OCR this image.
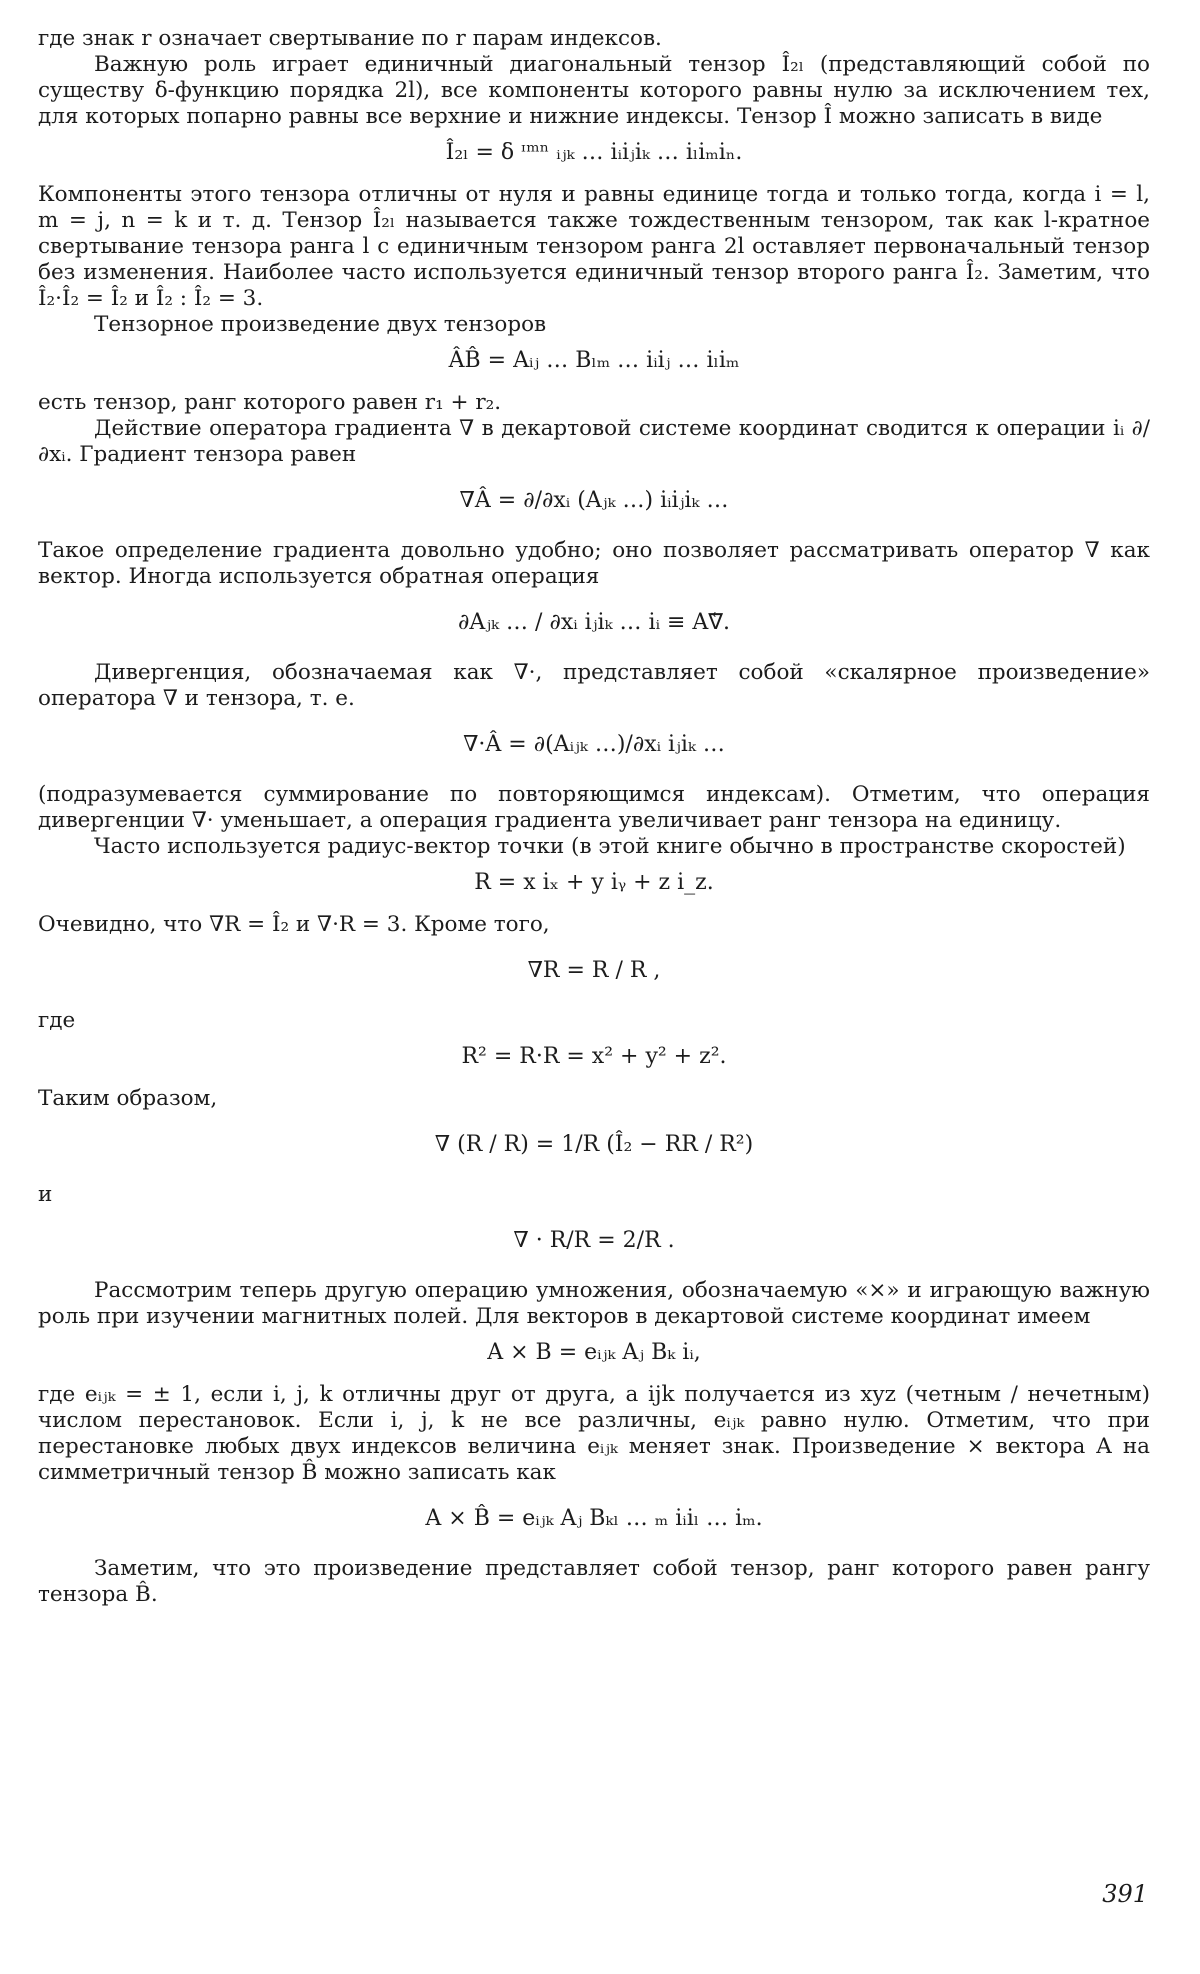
где знак r означает свертывание по r парам индексов.

Важную роль играет единичный диагональный тензор Î₂ₗ (представляющий собой по существу δ-функцию порядка 2l), все компоненты которого равны нулю за исключением тех, для которых попарно равны все верхние и нижние индексы. Тензор Î можно записать в виде

Î₂ₗ = δ ᶦᵐⁿ ᵢⱼₖ … iᵢiⱼiₖ … iₗiₘiₙ.

Компоненты этого тензора отличны от нуля и равны единице тогда и только тогда, когда i = l, m = j, n = k и т. д. Тензор Î₂ₗ называется также тождественным тензором, так как l-кратное свертывание тензора ранга l с единичным тензором ранга 2l оставляет первоначальный тензор без изменения. Наиболее часто используется единичный тензор второго ранга Î₂. Заметим, что Î₂·Î₂ = Î₂ и Î₂ : Î₂ = 3.

Тензорное произведение двух тензоров

ÂB̂ = Aᵢⱼ … Bₗₘ … iᵢiⱼ … iₗiₘ

есть тензор, ранг которого равен r₁ + r₂.

Действие оператора градиента ∇ в декартовой системе координат сводится к операции iᵢ ∂/∂xᵢ. Градиент тензора равен

∇Â = ∂/∂xᵢ (Aⱼₖ …) iᵢiⱼiₖ …

Такое определение градиента довольно удобно; оно позволяет рассматривать оператор ∇ как вектор. Иногда используется обратная операция

∂Aⱼₖ … / ∂xᵢ iⱼiₖ … iᵢ ≡ A∇⃖.

Дивергенция, обозначаемая как ∇·, представляет собой «скалярное произведение» оператора ∇ и тензора, т. е.

∇·Â = ∂(Aᵢⱼₖ …)/∂xᵢ iⱼiₖ …

(подразумевается суммирование по повторяющимся индексам). Отметим, что операция дивергенции ∇· уменьшает, а операция градиента увеличивает ранг тензора на единицу.

Часто используется радиус-вектор точки (в этой книге обычно в пространстве скоростей)

R = x iₓ + y iᵧ + z i_z.

Очевидно, что ∇R = Î₂ и ∇·R = 3. Кроме того,

∇R = R / R ,

где

R² = R·R = x² + y² + z².

Таким образом,

∇ (R / R) = 1/R (Î₂ − RR / R²)

и

∇ · R/R = 2/R .

Рассмотрим теперь другую операцию умножения, обозначаемую «×» и играющую важную роль при изучении магнитных полей. Для векторов в декартовой системе координат имеем

A × B = eᵢⱼₖ Aⱼ Bₖ iᵢ,

где eᵢⱼₖ = ± 1, если i, j, k отличны друг от друга, а ijk получается из xyz (четным / нечетным) числом перестановок. Если i, j, k не все различны, eᵢⱼₖ равно нулю. Отметим, что при перестановке любых двух индексов величина eᵢⱼₖ меняет знак. Произведение × вектора A на симметричный тензор B̂ можно записать как

A × B̂ = eᵢⱼₖ Aⱼ Bₖₗ … ₘ iᵢiₗ … iₘ.

Заметим, что это произведение представляет собой тензор, ранг которого равен рангу тензора B̂.

391
